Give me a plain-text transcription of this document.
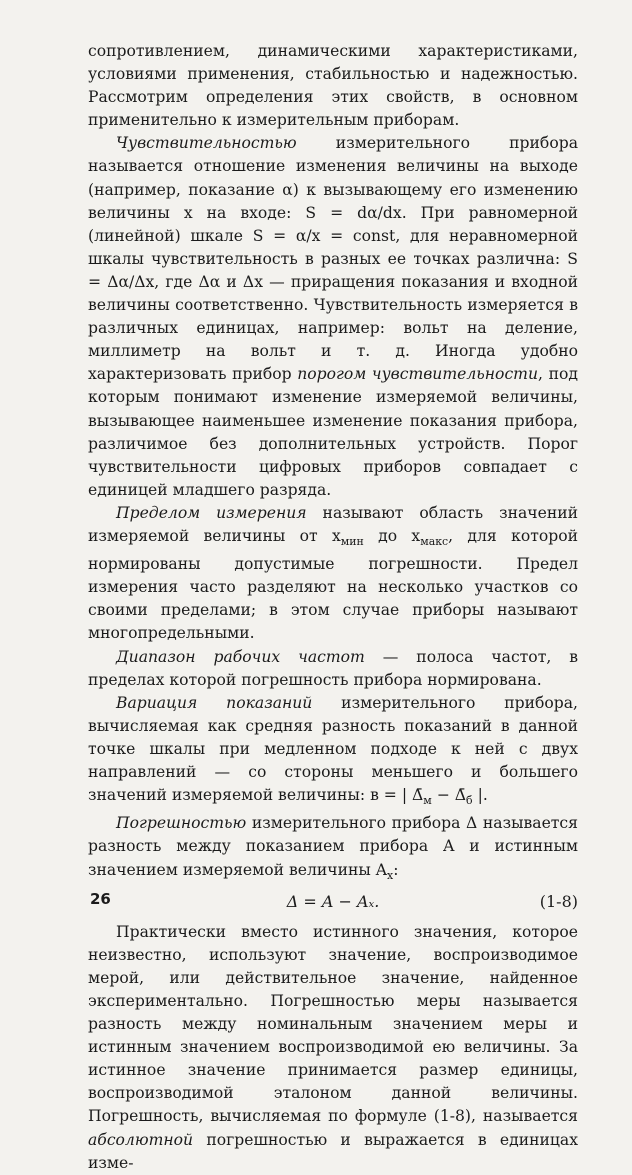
сопротивлением, динамическими характеристиками, условиями применения, стабильностью и надежностью. Рассмотрим определения этих свойств, в основном применительно к измерительным приборам.

Чувствительностью измерительного прибора называется отношение изменения величины на выходе (например, показание α) к вызывающему его изменению величины x на входе: S = dα/dx. При равномерной (линейной) шкале S = α/x = const, для неравномерной шкалы чувствительность в разных ее точках различна: S = Δα/Δx, где Δα и Δx — приращения показания и входной величины соответственно. Чувствительность измеряется в различных единицах, например: вольт на деление, миллиметр на вольт и т. д. Иногда удобно характеризовать прибор порогом чувствительности, под которым понимают изменение измеряемой величины, вызывающее наименьшее изменение показания прибора, различимое без дополнительных устройств. Порог чувствительности цифровых приборов совпадает с единицей младшего разряда.

Пределом измерения называют область значений измеряемой величины от $x_{мин}$ до $x_{макс}$, для которой нормированы допустимые погрешности. Предел измерения часто разделяют на несколько участков со своими пределами; в этом случае приборы называют многопредельными.

Диапазон рабочих частот — полоса частот, в пределах которой погрешность прибора нормирована.

Вариация показаний измерительного прибора, вычисляемая как средняя разность показаний в данной точке шкалы при медленном подходе к ней с двух направлений — со стороны меньшего и большего значений измеряемой величины: в = | $\Deltā_м$ − $\Deltā_б$ |.

Погрешностью измерительного прибора Δ называется разность между показанием прибора A и истинным значением измеряемой величины $A_x$:

Δ = A − Aₓ.	(1-8)

Практически вместо истинного значения, которое неизвестно, используют значение, воспроизводимое мерой, или действительное значение, найденное экспериментально. Погрешностью меры называется разность между номинальным значением меры и истинным значением воспроизводимой ею величины. За истинное значение принимается размер единицы, воспроизводимой эталоном данной величины. Погрешность, вычисляемая по формуле (1-8), называется абсолютной погрешностью и выражается в единицах изме-

26
